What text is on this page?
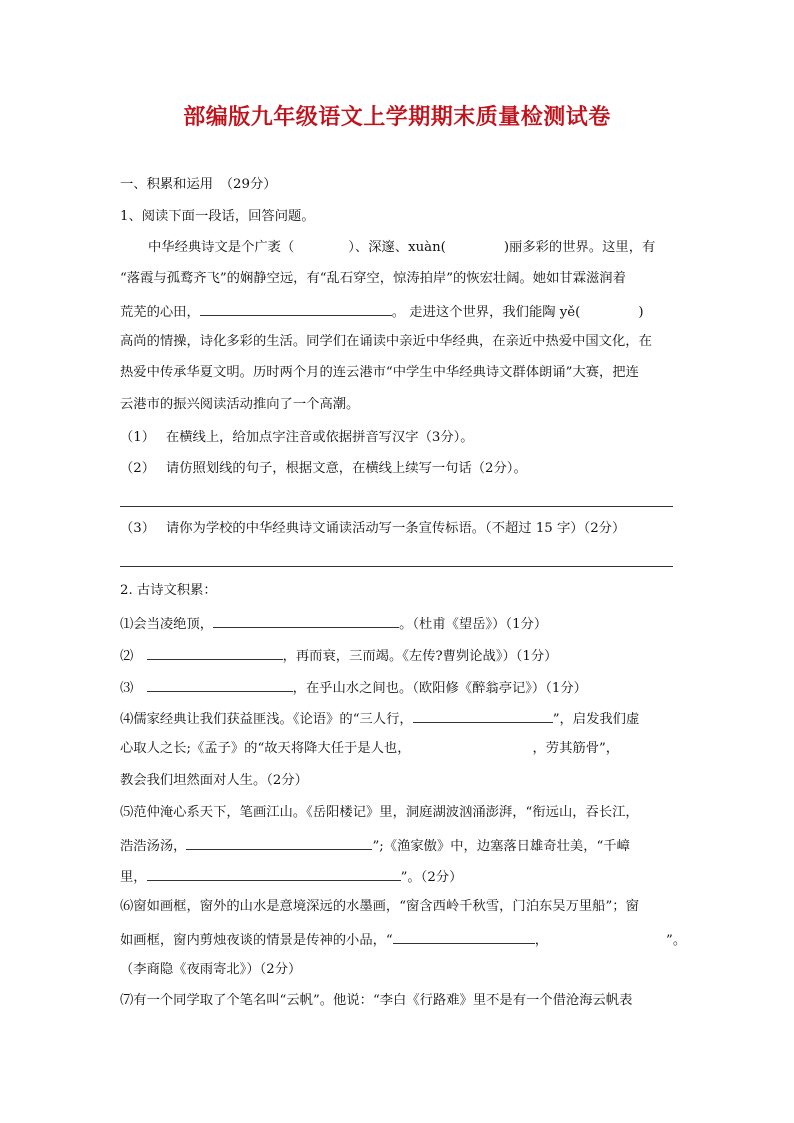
部编版九年级语文上学期期末质量检测试卷
一、积累和运用　（29分）
1、阅读下面一段话，回答问题。
中华经典诗文是个广袤（	）、深邃、xuàn(	)丽多彩的世界。这里，有
“落霞与孤鹜齐飞”的娴静空远，有“乱石穿空，惊涛拍岸”的恢宏壮阔。她如甘霖滋润着
荒芜的心田，	。 走进这个世界，我们能陶 yě(	)
高尚的情操，诗化多彩的生活。同学们在诵读中亲近中华经典，在亲近中热爱中国文化，在
热爱中传承华夏文明。历时两个月的连云港市“中学生中华经典诗文群体朗诵”大赛，把连
云港市的振兴阅读活动推向了一个高潮。
（1）　 在横线上，给加点字注音或依据拼音写汉字（3分）。
（2）　 请仿照划线的句子，根据文意，在横线上续写一句话（2分）。
（3）　 请你为学校的中华经典诗文诵读活动写一条宣传标语。（不超过 15 字）（2分）
2. 古诗文积累：
⑴会当凌绝顶，	。（杜甫《望岳》）（1分）
⑵　	，再而衰，三而竭。《左传?曹刿论战》）（1分）
⑶　	，在乎山水之间也。（欧阳修《醉翁亭记》）（1分）
⑷儒家经典让我们获益匪浅。《论语》的“三人行，	”，启发我们虚
心取人之长;《孟子》的“故天将降大任于是人也，	，劳其筋骨”，
教会我们坦然面对人生。（2分）
⑸范仲淹心系天下，笔画江山。《岳阳楼记》里，洞庭湖波汹涌澎湃，“衔远山，吞长江，
浩浩汤汤，	”;《渔家傲》中，边塞落日雄奇壮美，“千嶂
里，	”。（2分）
⑹窗如画框，窗外的山水是意境深远的水墨画，“窗含西岭千秋雪，门泊东吴万里船”；窗
如画框，窗内剪烛夜谈的情景是传神的小品，“	，	”。
（李商隐《夜雨寄北》）（2分）
⑺有一个同学取了个笔名叫“云帆”。他说：“李白《行路难》里不是有一个借沧海云帆表
